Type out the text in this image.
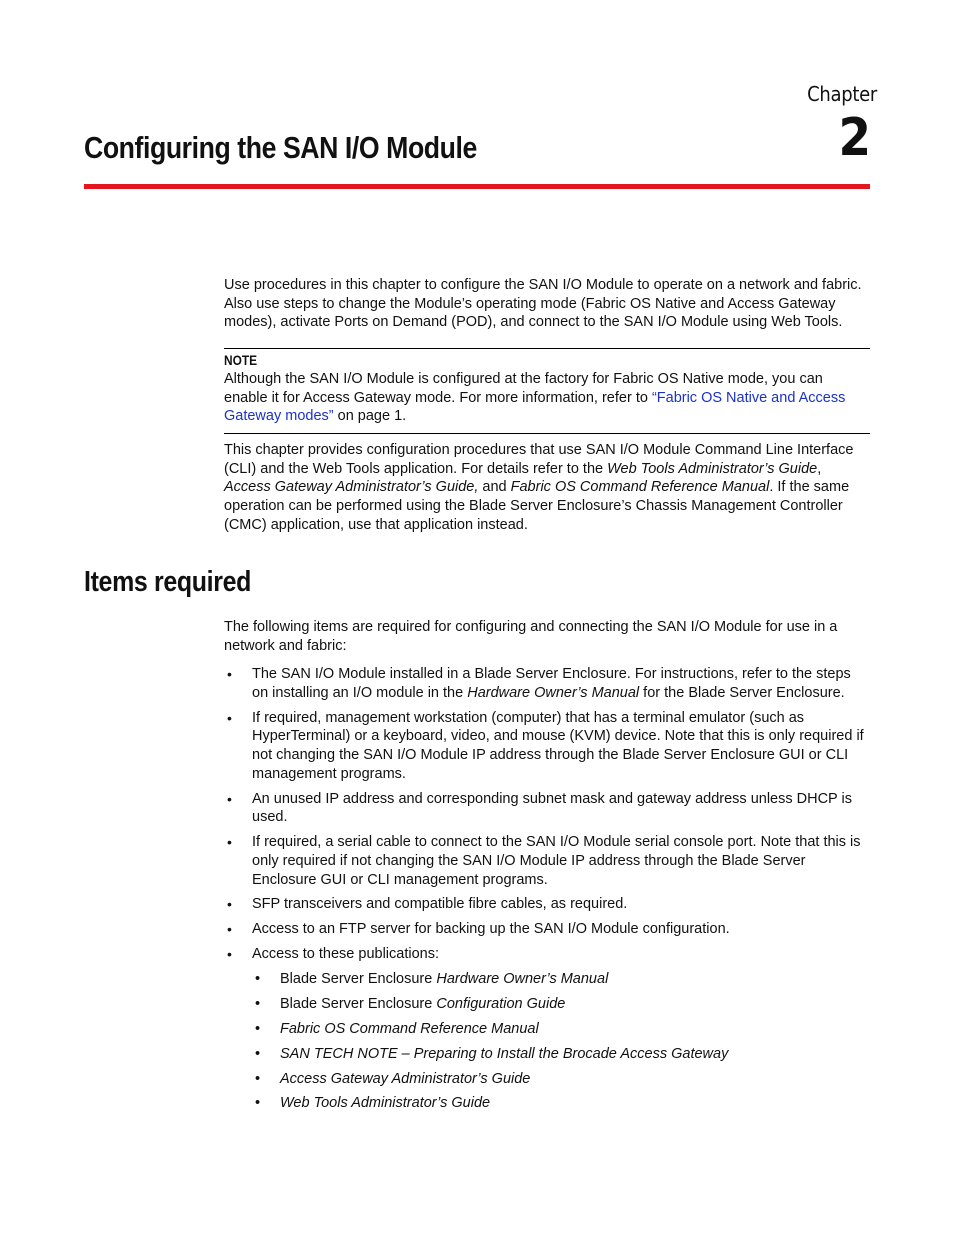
Chapter
2
Configuring the SAN I/O Module

Use procedures in this chapter to configure the SAN I/O Module to operate on a network and fabric. Also use steps to change the Module’s operating mode (Fabric OS Native and Access Gateway modes), activate Ports on Demand (POD), and connect to the SAN I/O Module using Web Tools.

NOTE
Although the SAN I/O Module is configured at the factory for Fabric OS Native mode, you can enable it for Access Gateway mode. For more information, refer to “Fabric OS Native and Access Gateway modes” on page 1.

This chapter provides configuration procedures that use SAN I/O Module Command Line Interface (CLI) and the Web Tools application. For details refer to the Web Tools Administrator’s Guide, Access Gateway Administrator’s Guide, and Fabric OS Command Reference Manual. If the same operation can be performed using the Blade Server Enclosure’s Chassis Management Controller (CMC) application, use that application instead.

Items required

The following items are required for configuring and connecting the SAN I/O Module for use in a network and fabric:

• The SAN I/O Module installed in a Blade Server Enclosure. For instructions, refer to the steps on installing an I/O module in the Hardware Owner’s Manual for the Blade Server Enclosure.
• If required, management workstation (computer) that has a terminal emulator (such as HyperTerminal) or a keyboard, video, and mouse (KVM) device. Note that this is only required if not changing the SAN I/O Module IP address through the Blade Server Enclosure GUI or CLI management programs.
• An unused IP address and corresponding subnet mask and gateway address unless DHCP is used.
• If required, a serial cable to connect to the SAN I/O Module serial console port. Note that this is only required if not changing the SAN I/O Module IP address through the Blade Server Enclosure GUI or CLI management programs.
• SFP transceivers and compatible fibre cables, as required.
• Access to an FTP server for backing up the SAN I/O Module configuration.
• Access to these publications:
• Blade Server Enclosure Hardware Owner’s Manual
• Blade Server Enclosure Configuration Guide
• Fabric OS Command Reference Manual
• SAN TECH NOTE – Preparing to Install the Brocade Access Gateway
• Access Gateway Administrator’s Guide
• Web Tools Administrator’s Guide
